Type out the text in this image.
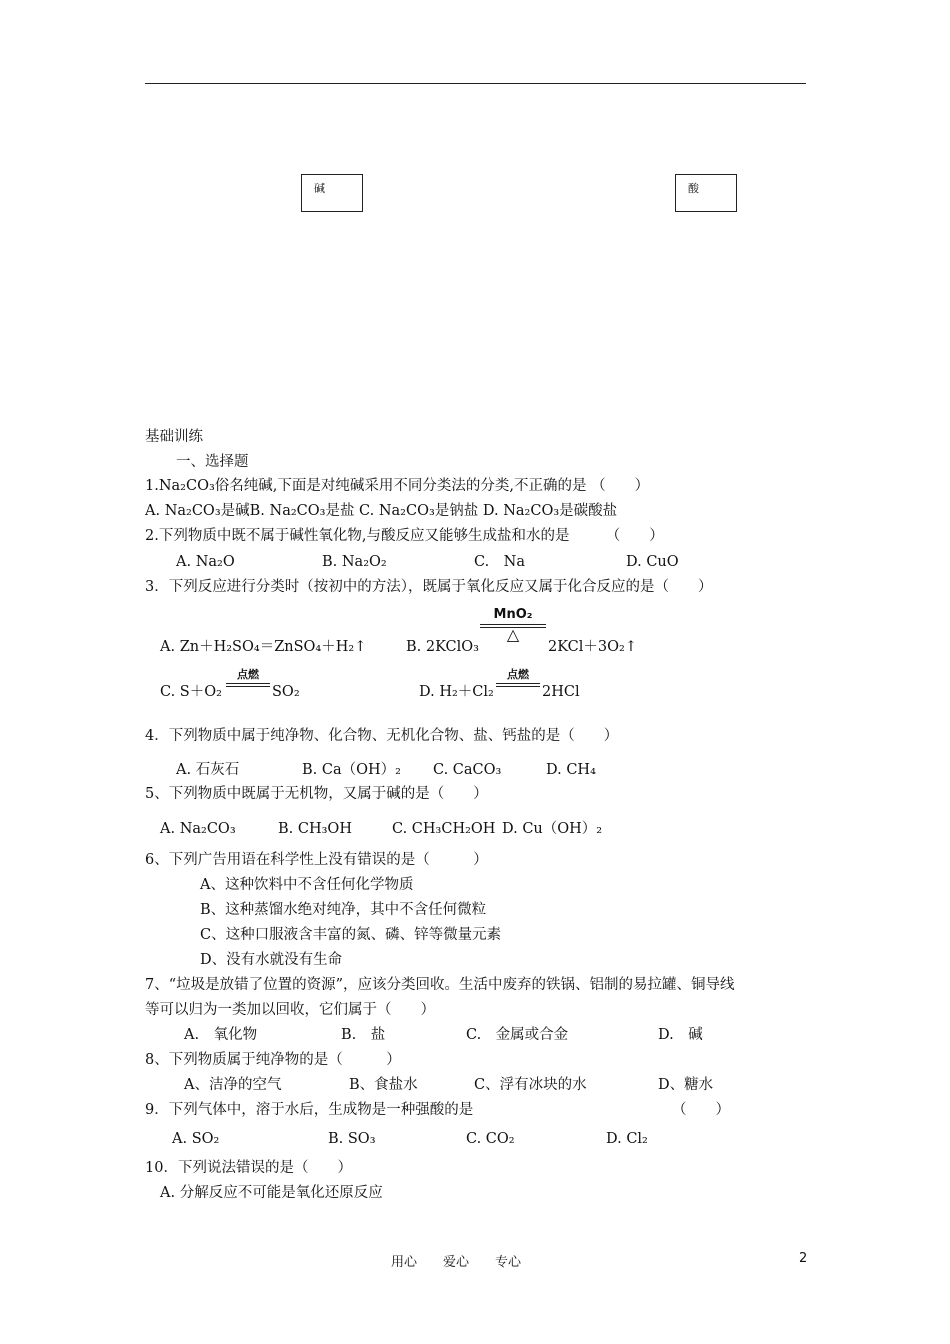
碱	酸
基础训练
一、选择题
1.Na₂CO₃俗名纯碱,下面是对纯碱采用不同分类法的分类,不正确的是 （　　）
A. Na₂CO₃是碱B. Na₂CO₃是盐 C. Na₂CO₃是钠盐 D. Na₂CO₃是碳酸盐
2.下列物质中既不属于碱性氧化物,与酸反应又能够生成盐和水的是　　　（　　）
A. Na₂O	B. Na₂O₂	C.　Na	D. CuO
3．下列反应进行分类时（按初中的方法），既属于氧化反应又属于化合反应的是（　　）
A. Zn＋H₂SO₄＝ZnSO₄＋H₂↑	B. 2KClO₃
MnO₂
△
2KCl＋3O₂↑
C. S＋O₂
点燃
SO₂	D. H₂＋Cl₂
点燃
2HCl
4．下列物质中属于纯净物、化合物、无机化合物、盐、钙盐的是（　　）
A. 石灰石	B. Ca（OH）₂ C. CaCO₃	D. CH₄
5、下列物质中既属于无机物，又属于碱的是（　　）
A. Na₂CO₃	B. CH₃OH	C. CH₃CH₂OH D. Cu（OH）₂
6、下列广告用语在科学性上没有错误的是（　　　）
A、这种饮料中不含任何化学物质
B、这种蒸馏水绝对纯净，其中不含任何微粒
C、这种口服液含丰富的氮、磷、锌等微量元素
D、没有水就没有生命
7、“垃圾是放错了位置的资源”，应该分类回收。生活中废弃的铁锅、铝制的易拉罐、铜导线
等可以归为一类加以回收，它们属于（　　）
A.　氧化物	B.　盐	C.　金属或合金	D.　碱
8、下列物质属于纯净物的是（　　　）
A、洁净的空气	B、食盐水	C、浮有冰块的水	D、糖水
9．下列气体中，溶于水后，生成物是一种强酸的是	（　　）
A. SO₂	B. SO₃	C. CO₂	D. Cl₂
10．下列说法错误的是（　　）
A. 分解反应不可能是氧化还原反应
用心　　爱心　　专心	2
